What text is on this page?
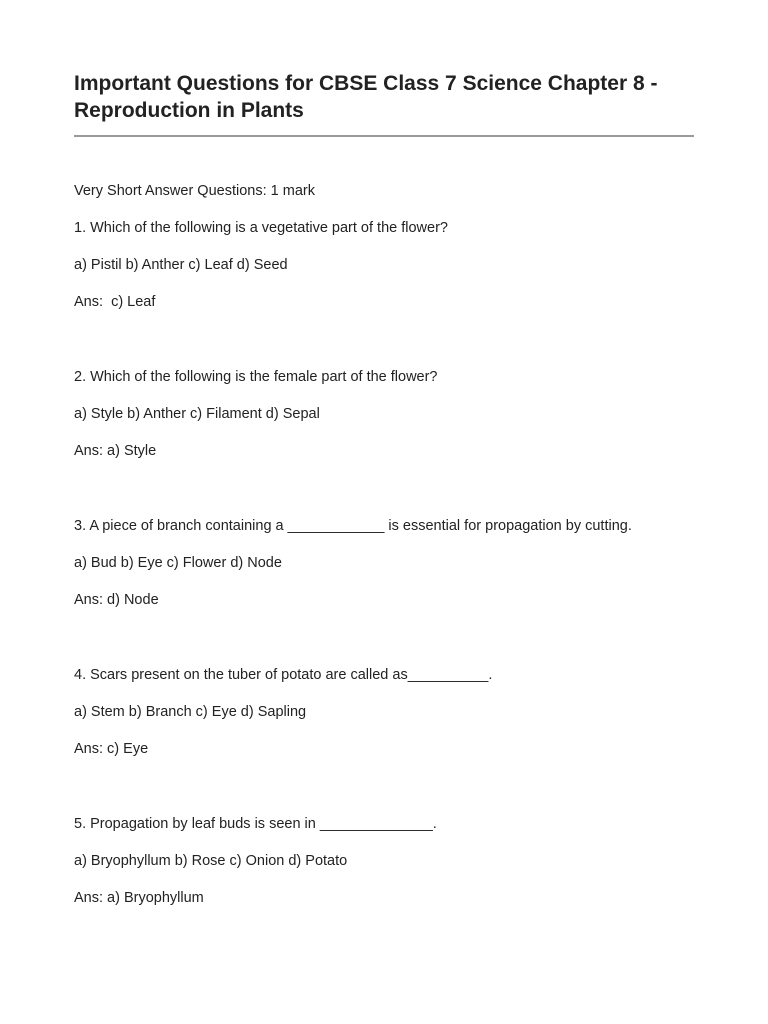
Important Questions for CBSE Class 7 Science Chapter 8 - Reproduction in Plants
Very Short Answer Questions: 1 mark
1. Which of the following is a vegetative part of the flower?
a) Pistil b) Anther c) Leaf d) Seed
Ans:  c) Leaf
2. Which of the following is the female part of the flower?
a) Style b) Anther c) Filament d) Sepal
Ans: a) Style
3. A piece of branch containing a ____________ is essential for propagation by cutting.
a) Bud b) Eye c) Flower d) Node
Ans: d) Node
4. Scars present on the tuber of potato are called as__________.
a) Stem b) Branch c) Eye d) Sapling
Ans: c) Eye
5. Propagation by leaf buds is seen in ______________.
a) Bryophyllum b) Rose c) Onion d) Potato
Ans: a) Bryophyllum
